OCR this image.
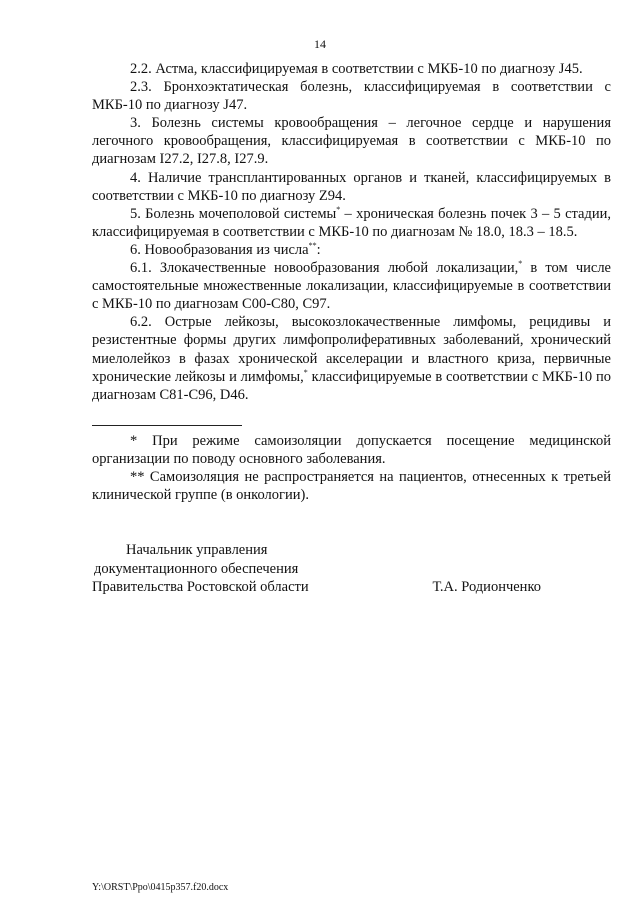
14

2.2. Астма, классифицируемая в соответствии с МКБ-10 по диагнозу J45.

2.3. Бронхоэктатическая болезнь, классифицируемая в соответствии с МКБ-10 по диагнозу J47.

3. Болезнь системы кровообращения – легочное сердце и нарушения легочного кровообращения, классифицируемая в соответствии с МКБ-10 по диагнозам I27.2, I27.8, I27.9.

4. Наличие трансплантированных органов и тканей, классифицируемых в соответствии с МКБ-10 по диагнозу Z94.

5. Болезнь мочеполовой системы* – хроническая болезнь почек 3 – 5 стадии, классифицируемая в соответствии с МКБ-10 по диагнозам № 18.0, 18.3 – 18.5.

6. Новообразования из числа**:

6.1. Злокачественные новообразования любой локализации,* в том числе самостоятельные множественные локализации, классифицируемые в соответствии с МКБ-10 по диагнозам С00-С80, С97.

6.2. Острые лейкозы, высокозлокачественные лимфомы, рецидивы и резистентные формы других лимфопролиферативных заболеваний, хронический миелолейкоз в фазах хронической акселерации и властного криза, первичные хронические лейкозы и лимфомы,* классифицируемые в соответствии с МКБ-10 по диагнозам С81-С96, D46.

* При режиме самоизоляции допускается посещение медицинской организации по поводу основного заболевания.

** Самоизоляция не распространяется на пациентов, отнесенных к третьей клинической группе (в онкологии).

Начальник управления
документационного обеспечения
Правительства Ростовской области	Т.А. Родионченко
Y:\ORST\Ppo\0415p357.f20.docx
